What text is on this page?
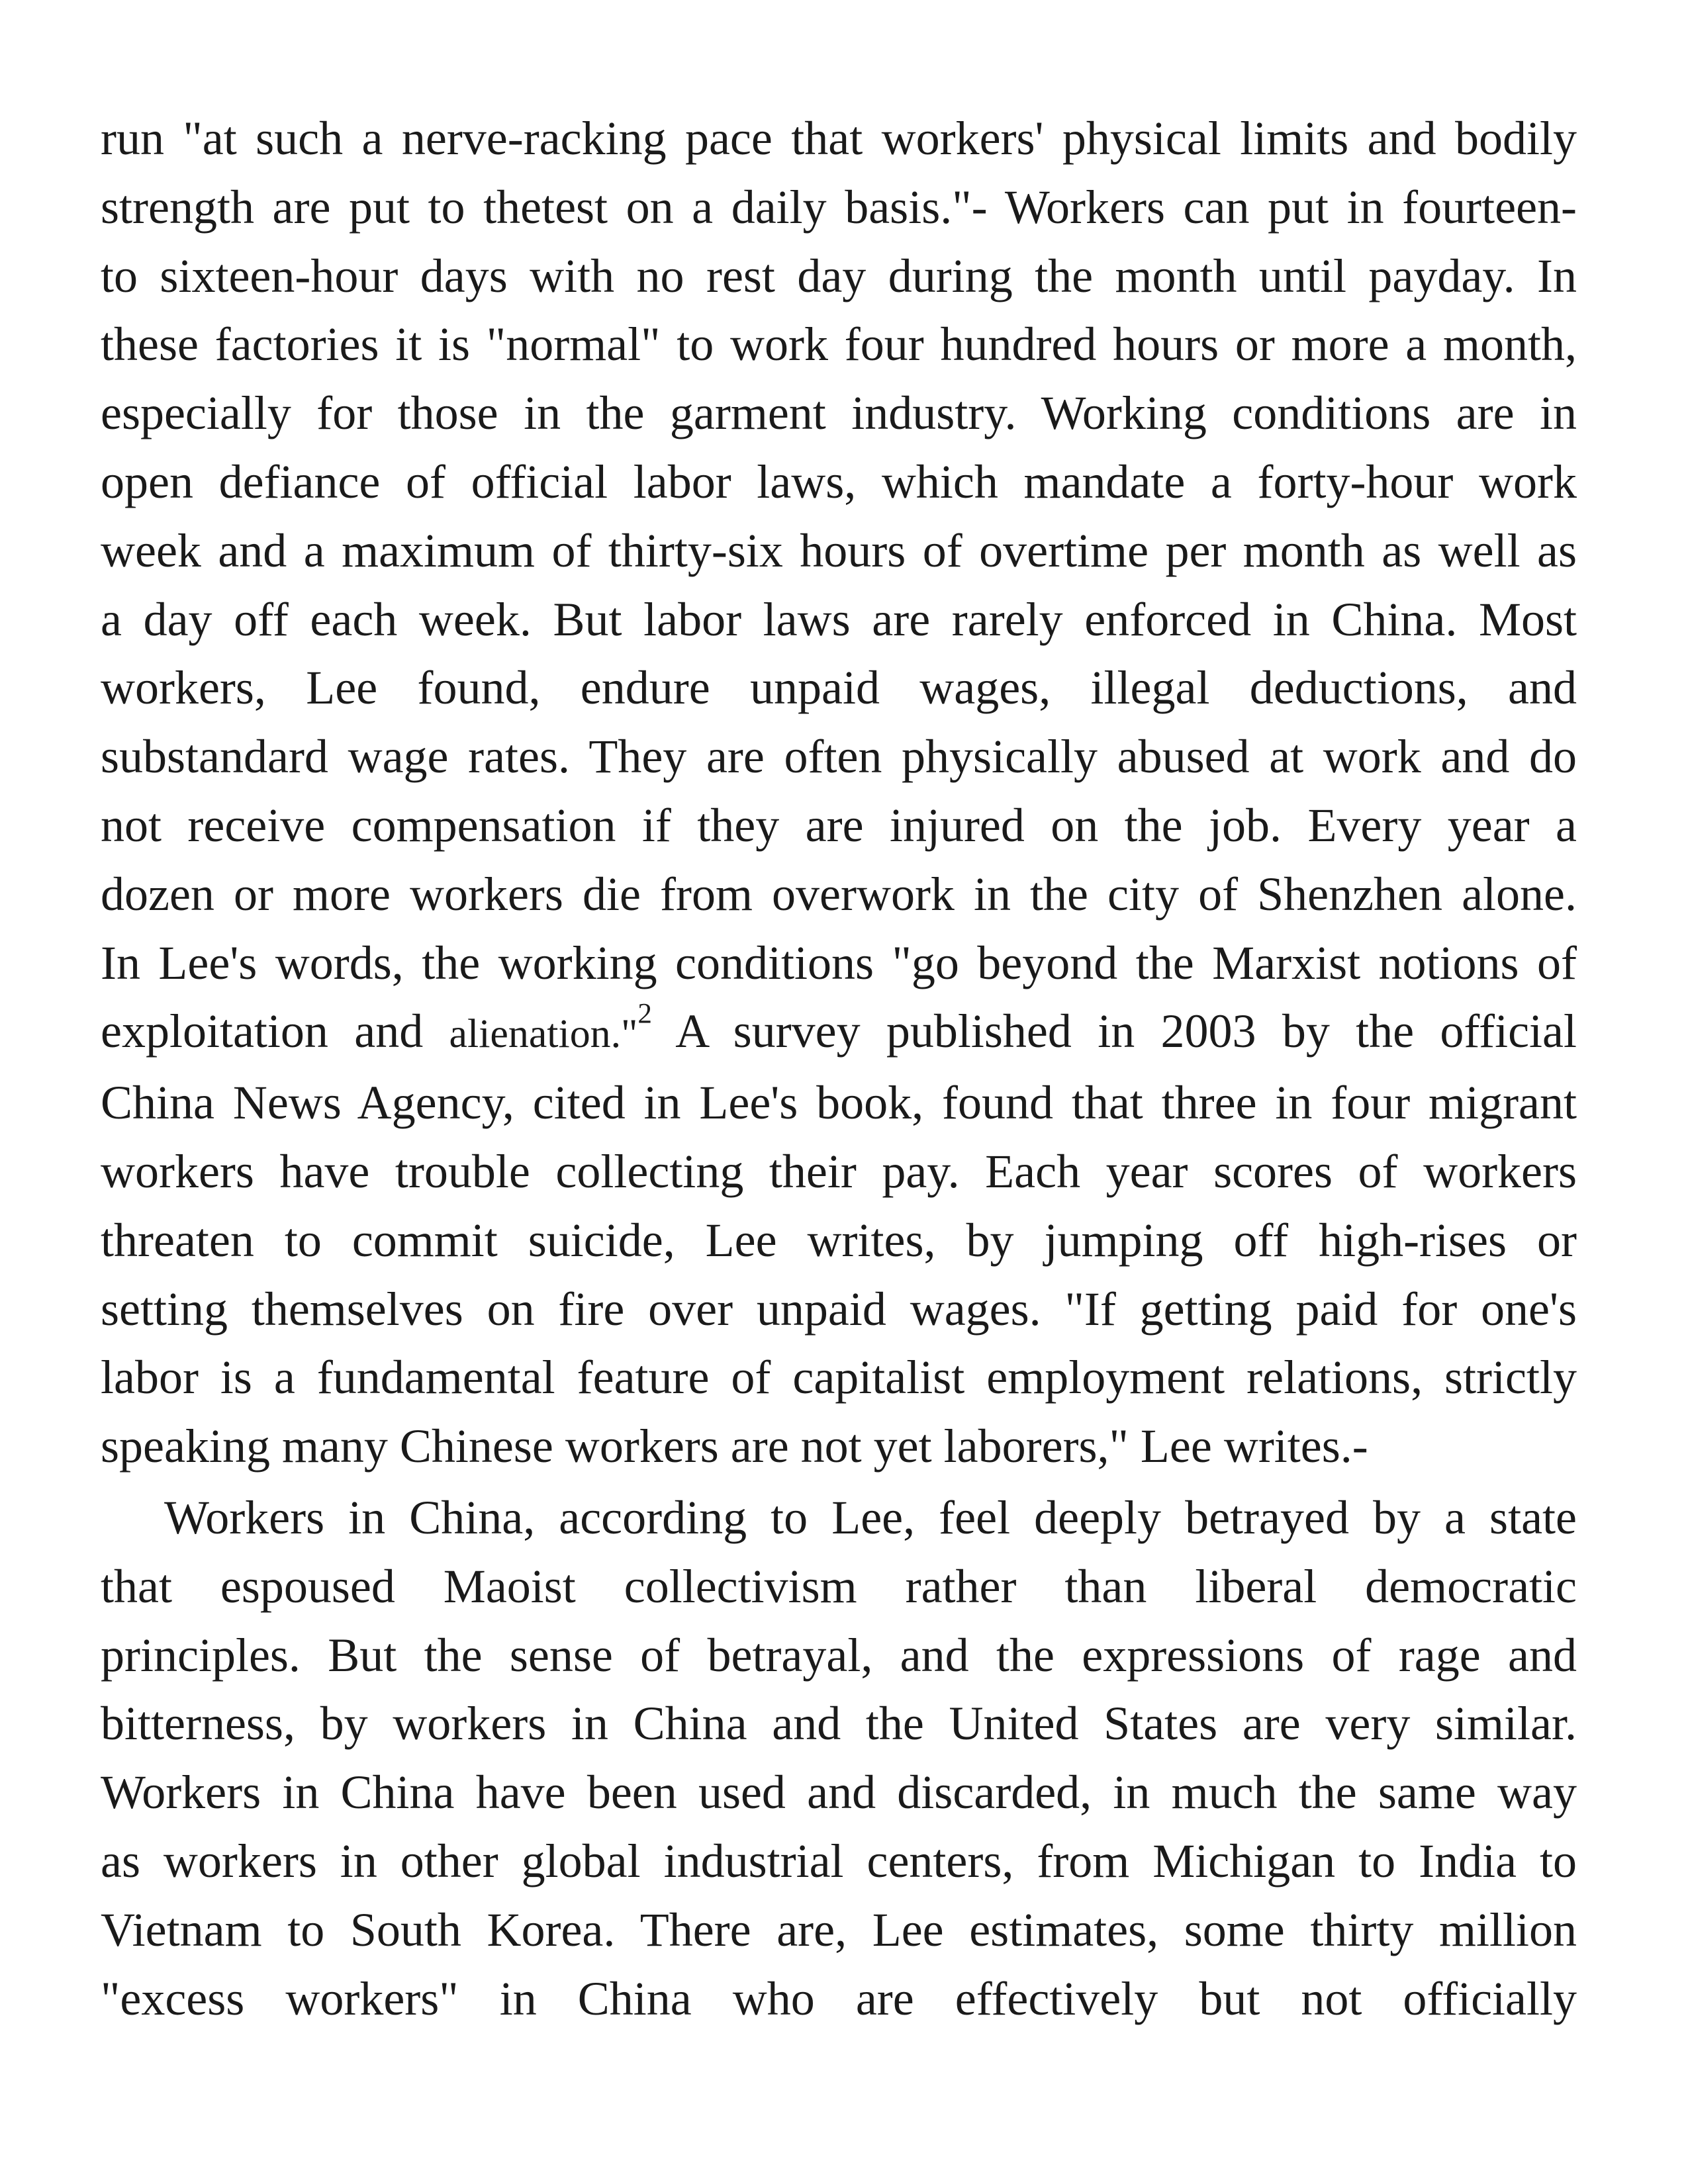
run "at such a nerve-racking pace that workers' physical limits and bodily
strength are put to thetest on a daily basis."- Workers can put in fourteen-
to sixteen-hour days with no rest day during the month until payday. In
these factories it is "normal" to work four hundred hours or more a month,
especially for those in the garment industry. Working conditions are in
open defiance of official labor laws, which mandate a forty-hour work
week and a maximum of thirty-six hours of overtime per month as well as
a day off each week. But labor laws are rarely enforced in China. Most
workers, Lee found, endure unpaid wages, illegal deductions, and
substandard wage rates. They are often physically abused at work and do
not receive compensation if they are injured on the job. Every year a
dozen or more workers die from overwork in the city of Shenzhen alone.
In Lee's words, the working conditions "go beyond the Marxist notions of
exploitation and alienation."$^2$ A survey published in 2003 by the official
China News Agency, cited in Lee's book, found that three in four migrant
workers have trouble collecting their pay. Each year scores of workers
threaten to commit suicide, Lee writes, by jumping off high-rises or
setting themselves on fire over unpaid wages. "If getting paid for one's
labor is a fundamental feature of capitalist employment relations, strictly
speaking many Chinese workers are not yet laborers," Lee writes.-

Workers in China, according to Lee, feel deeply betrayed by a state
that espoused Maoist collectivism rather than liberal democratic
principles. But the sense of betrayal, and the expressions of rage and
bitterness, by workers in China and the United States are very similar.
Workers in China have been used and discarded, in much the same way
as workers in other global industrial centers, from Michigan to India to
Vietnam to South Korea. There are, Lee estimates, some thirty million
"excess workers" in China who are effectively but not officially
